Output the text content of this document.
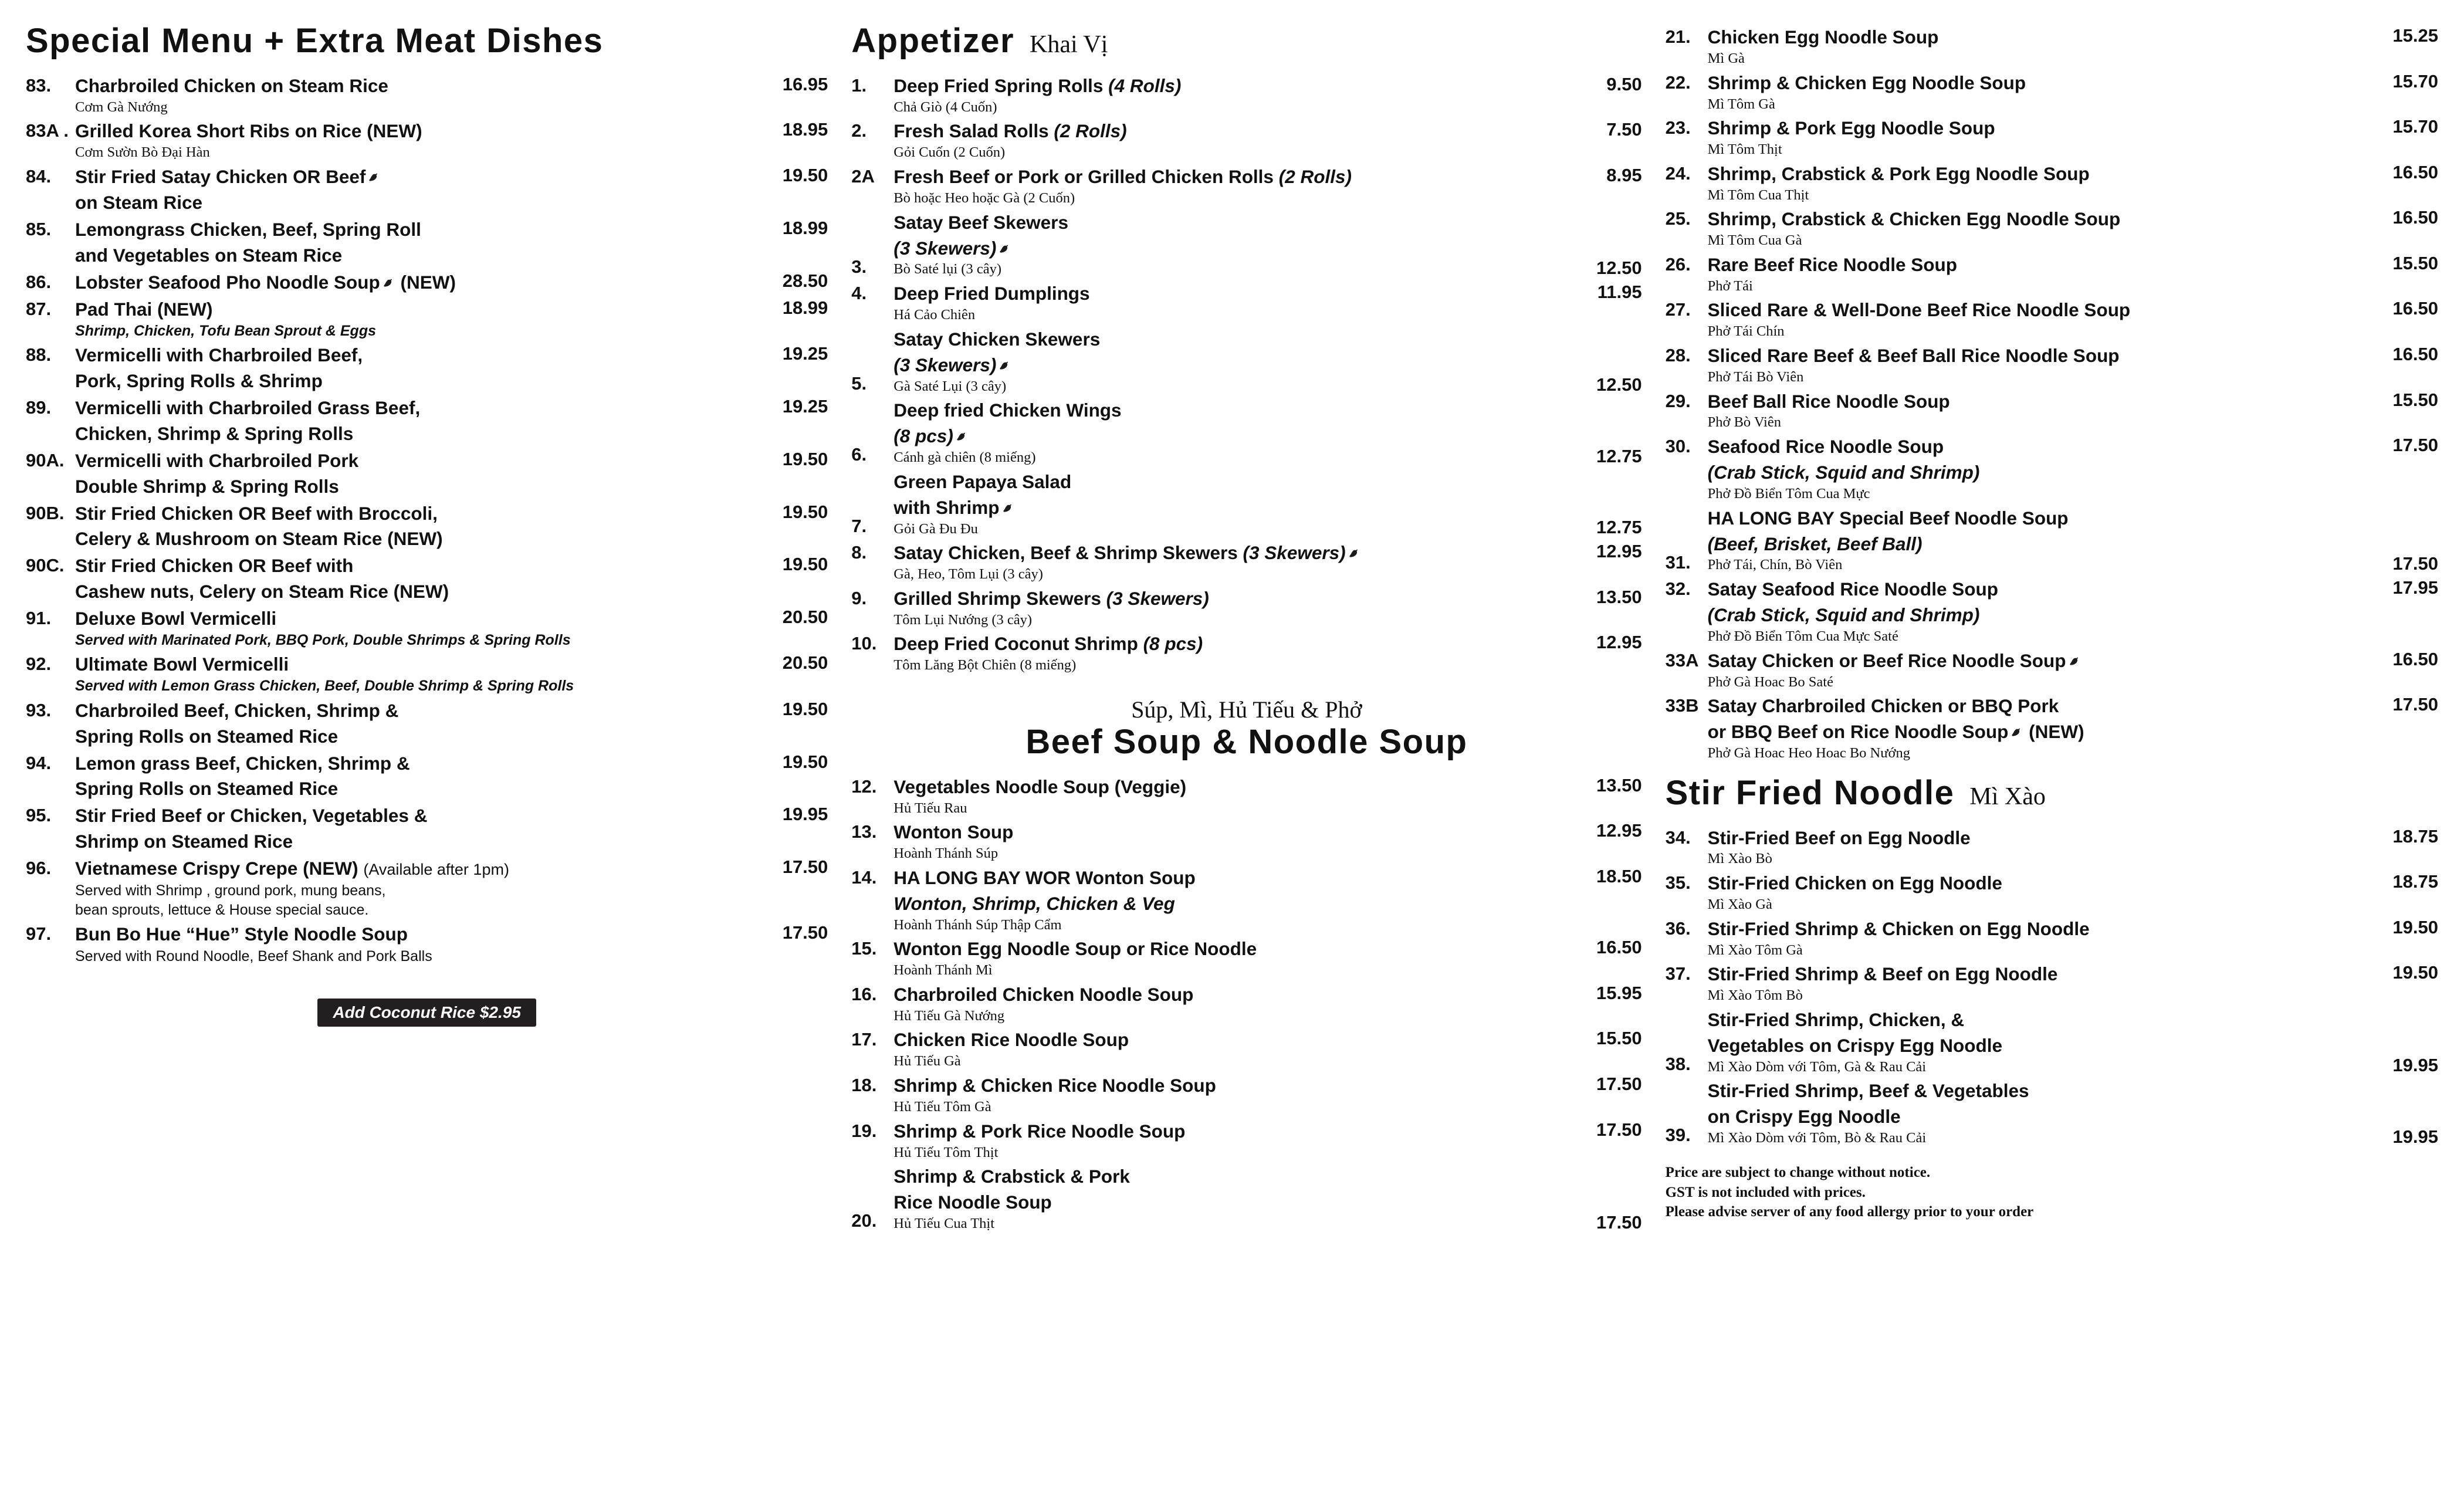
Special Menu + Extra Meat Dishes
83.	Charbroiled Chicken on Steam Rice
Cơm Gà Nướng
16.95
83A . Grilled Korea Short Ribs on Rice (NEW)
Cơm Sườn Bò Đại Hàn
18.95
84.	Stir Fried Satay Chicken OR Beef
on Steam Rice
19.50
85.	Lemongrass Chicken, Beef, Spring Roll
and Vegetables on Steam Rice
18.99
86.	Lobster Seafood Pho Noodle Soup (NEW)	28.50
87.	Pad Thai (NEW)
Shrimp, Chicken, Tofu Bean Sprout & Eggs
18.99
88.	Vermicelli with Charbroiled Beef,
Pork, Spring Rolls & Shrimp
19.25
89.	Vermicelli with Charbroiled Grass Beef,
Chicken, Shrimp & Spring Rolls
19.25
90A. Vermicelli with Charbroiled Pork
Double Shrimp & Spring Rolls
19.50
90B. Stir Fried Chicken OR Beef with Broccoli,
Celery & Mushroom on Steam Rice (NEW)
19.50
90C. Stir Fried Chicken OR Beef with
Cashew nuts, Celery on Steam Rice (NEW)
19.50
91.	Deluxe Bowl Vermicelli
Served with Marinated Pork, BBQ Pork, Double Shrimps & Spring Rolls
20.50
92.	Ultimate Bowl Vermicelli
Served with Lemon Grass Chicken, Beef, Double Shrimp & Spring Rolls
20.50
93.	Charbroiled Beef, Chicken, Shrimp &
Spring Rolls on Steamed Rice
19.50
94.	Lemon grass Beef, Chicken, Shrimp &
Spring Rolls on Steamed Rice
19.50
95.	Stir Fried Beef or Chicken, Vegetables &
Shrimp on Steamed Rice
19.95
96.	Vietnamese Crispy Crepe (NEW) (Available after 1pm)
Served with Shrimp , ground pork, mung beans,
bean sprouts, lettuce & House special sauce.
17.50
97.	Bun Bo Hue “Hue” Style Noodle Soup
Served with Round Noodle, Beef Shank and Pork Balls
17.50
Add Coconut Rice $2.95
Appetizer Khai Vị
1.	Deep Fried Spring Rolls (4 Rolls)
Chả Giò (4 Cuốn)
9.50
2.	Fresh Salad Rolls (2 Rolls)
Gỏi Cuốn (2 Cuốn)
7.50
2A	Fresh Beef or Pork or Grilled Chicken Rolls (2 Rolls)
Bò hoặc Heo hoặc Gà (2 Cuốn)
8.95
3.
Satay Beef Skewers
(3 Skewers)
Bò Saté lụi (3 cây)	12.50
4.	Deep Fried Dumplings
Há Cảo Chiên
11.95
5.
Satay Chicken Skewers
(3 Skewers)
Gà Saté Lụi (3 cây)	12.50
6.
Deep fried Chicken Wings
(8 pcs)
Cánh gà chiên (8 miếng)	12.75
7.
Green Papaya Salad
with Shrimp
Gỏi Gà Đu Đu	12.75
8.	Satay Chicken, Beef & Shrimp Skewers (3 Skewers)
Gà, Heo, Tôm Lụi (3 cây)
12.95
9.	Grilled Shrimp Skewers (3 Skewers)
Tôm Lụi Nướng (3 cây)
13.50
10. Deep Fried Coconut Shrimp (8 pcs)
Tôm Lăng Bột Chiên (8 miếng)
12.95
Súp, Mì, Hủ Tiếu & Phở
Beef Soup & Noodle Soup
12. Vegetables Noodle Soup (Veggie)
Hủ Tiếu Rau
13.50
13. Wonton Soup
Hoành Thánh Súp
12.95
14. HA LONG BAY WOR Wonton Soup
Wonton, Shrimp, Chicken & Veg
Hoành Thánh Súp Thập Cẩm
18.50
15. Wonton Egg Noodle Soup or Rice Noodle
Hoành Thánh Mì
16.50
16. Charbroiled Chicken Noodle Soup
Hủ Tiếu Gà Nướng
15.95
17. Chicken Rice Noodle Soup
Hủ Tiếu Gà
15.50
18. Shrimp & Chicken Rice Noodle Soup
Hủ Tiếu Tôm Gà
17.50
19. Shrimp & Pork Rice Noodle Soup
Hủ Tiếu Tôm Thịt
17.50
20.
Shrimp & Crabstick & Pork
Rice Noodle Soup
Hủ Tiếu Cua Thịt	17.50
21. Chicken Egg Noodle Soup
Mì Gà
15.25
22. Shrimp & Chicken Egg Noodle Soup
Mì Tôm Gà
15.70
23. Shrimp & Pork Egg Noodle Soup
Mì Tôm Thịt
15.70
24. Shrimp, Crabstick & Pork Egg Noodle Soup
Mì Tôm Cua Thịt
16.50
25. Shrimp, Crabstick & Chicken Egg Noodle Soup
Mì Tôm Cua Gà
16.50
26. Rare Beef Rice Noodle Soup
Phở Tái
15.50
27. Sliced Rare & Well-Done Beef Rice Noodle Soup
Phở Tái Chín
16.50
28. Sliced Rare Beef & Beef Ball Rice Noodle Soup
Phở Tái Bò Viên
16.50
29. Beef Ball Rice Noodle Soup
Phở Bò Viên
15.50
30. Seafood Rice Noodle Soup
(Crab Stick, Squid and Shrimp)
Phở Đồ Biển Tôm Cua Mực
17.50
31.
HA LONG BAY Special Beef Noodle Soup
(Beef, Brisket, Beef Ball)
Phở Tái, Chín, Bò Viên	17.50
32. Satay Seafood Rice Noodle Soup
(Crab Stick, Squid and Shrimp)
Phở Đồ Biển Tôm Cua Mực Saté
17.95
33A Satay Chicken or Beef Rice Noodle Soup
Phở Gà Hoac Bo Saté
16.50
33B Satay Charbroiled Chicken or BBQ Pork
or BBQ Beef on Rice Noodle Soup (NEW)
Phở Gà Hoac Heo Hoac Bo Nướng
17.50
Stir Fried Noodle Mì Xào
34. Stir-Fried Beef on Egg Noodle
Mì Xào Bò
18.75
35. Stir-Fried Chicken on Egg Noodle
Mì Xào Gà
18.75
36. Stir-Fried Shrimp & Chicken on Egg Noodle
Mì Xào Tôm Gà
19.50
37. Stir-Fried Shrimp & Beef on Egg Noodle
Mì Xào Tôm Bò
19.50
38.
Stir-Fried Shrimp, Chicken, &
Vegetables on Crispy Egg Noodle
Mì Xào Dòm với Tôm, Gà & Rau Cải	19.95
39.
Stir-Fried Shrimp, Beef & Vegetables
on Crispy Egg Noodle
Mì Xào Dòm với Tôm, Bò & Rau Cải	19.95
Price are subject to change without notice.
GST is not included with prices.
Please advise server of any food allergy prior to your order
